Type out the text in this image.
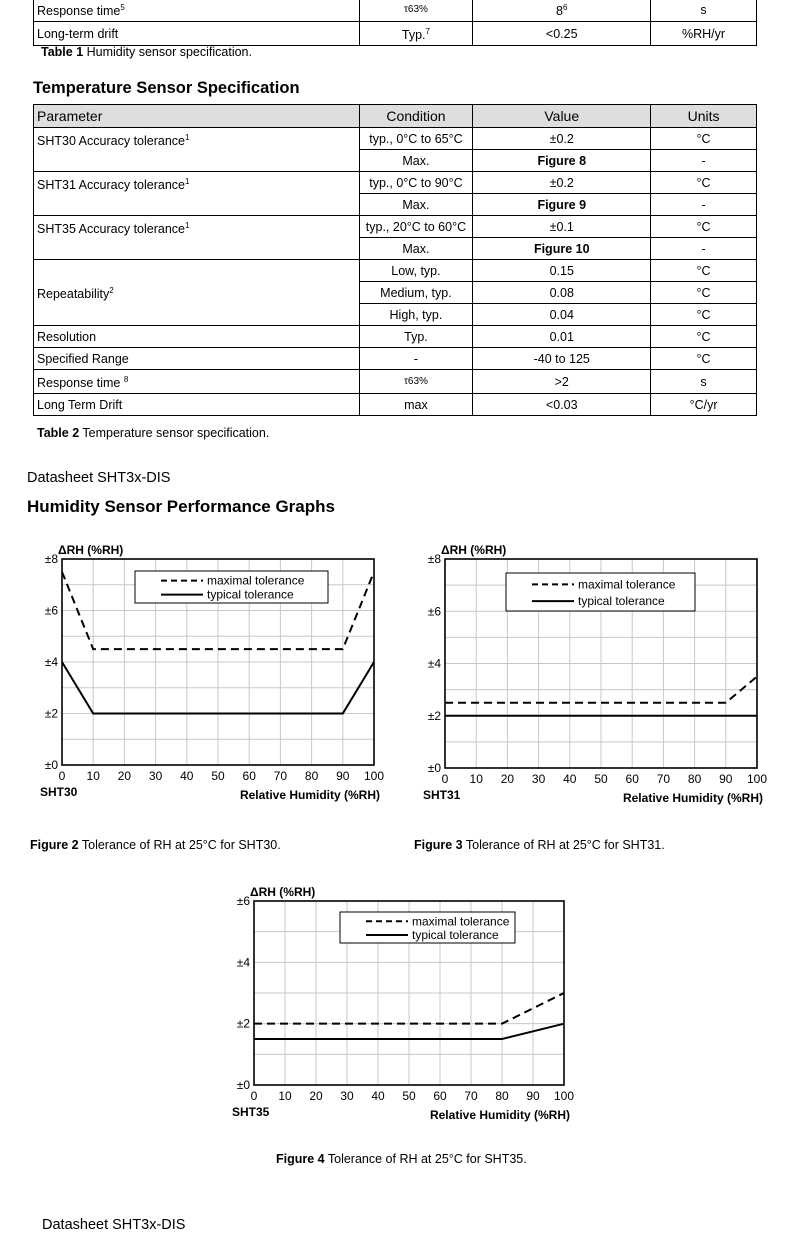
Response time$^5$	τ63%	$8^6$	s
Long-term drift	Typ.$^7$	<0.25	%RH/yr
Table 1 Humidity sensor specification.
Temperature Sensor Specification
Parameter	Condition	Value	Units
SHT30 Accuracy tolerance$^1$	typ., 0°C to 65°C	±0.2	°C
	Max.	Figure 8	-
SHT31 Accuracy tolerance$^1$	typ., 0°C to 90°C	±0.2	°C
	Max.	Figure 9	-
SHT35 Accuracy tolerance$^1$	typ., 20°C to 60°C	±0.1	°C
	Max.	Figure 10	-
Repeatability$^2$	Low, typ.	0.15	°C
	Medium, typ.	0.08	°C
	High, typ.	0.04	°C
Resolution	Typ.	0.01	°C
Specified Range	-	-40 to 125	°C
Response time $^8$	τ63%	>2	s
Long Term Drift	max	<0.03	°C/yr
Table 2 Temperature sensor specification.
Datasheet SHT3x-DIS
Humidity Sensor Performance Graphs
0 10 20 30 40 50 60 70 80 90 100
±0
±2
±4
±6
±8
maximal tolerance
typical tolerance
ΔRH (%RH)
SHT30	Relative Humidity (%RH)
0 10 20 30 40 50 60 70 80 90 100
±0
±2
±4
±6
±8
maximal tolerance
typical tolerance
ΔRH (%RH)
SHT31	Relative Humidity (%RH)
Figure 2 Tolerance of RH at 25°C for SHT30.	Figure 3 Tolerance of RH at 25°C for SHT31.
0 10 20 30 40 50 60 70 80 90 100
±0
±2
±4
±6
maximal tolerance
typical tolerance
ΔRH (%RH)
SHT35	Relative Humidity (%RH)
Figure 4 Tolerance of RH at 25°C for SHT35.
Datasheet SHT3x-DIS
